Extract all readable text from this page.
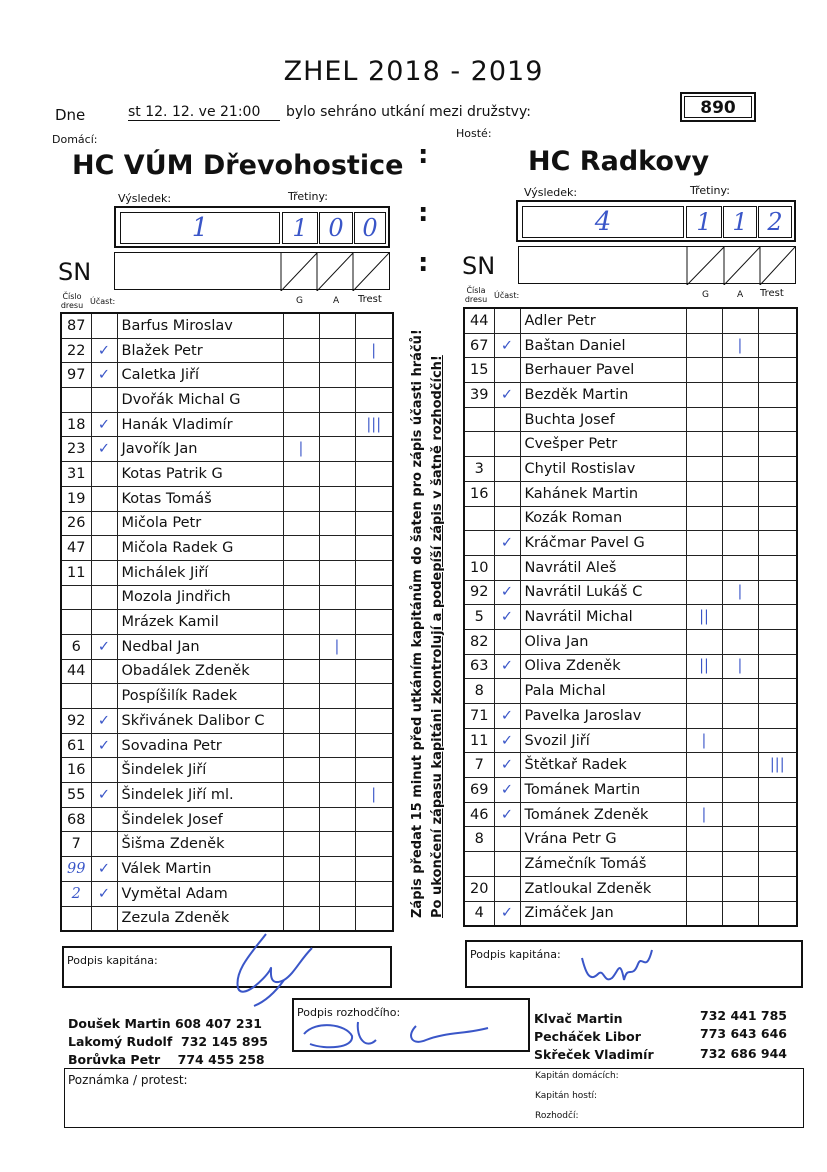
ZHEL 2018 - 2019
Dne	st 12. 12. ve 21:00	bylo sehráno utkání mezi družstvy:	890
Domácí:	Hosté:
HC VÚM Dřevohostice	HC Radkovy
:
:
:
Výsledek:	Třetiny:
1	1 0 0
SN
Výsledek:	Třetiny:
4	1 1 2
SN
Číslo dresu Účast:	G	A Trest
Čísla dresu Účast:	G	A Trest
87		Barfus Miroslav			
22	✓	Blažek Petr			|
97	✓	Caletka Jiří			
		Dvořák Michal G			
18	✓	Hanák Vladimír			|||
23	✓	Javořík Jan	|		
31		Kotas Patrik G			
19		Kotas Tomáš			
26		Mičola Petr			
47		Mičola Radek G			
11		Michálek Jiří			
		Mozola Jindřich			
		Mrázek Kamil			
6	✓	Nedbal Jan		|	
44		Obadálek Zdeněk			
		Pospíšilík Radek			
92	✓	Skřivánek Dalibor C			
61	✓	Sovadina Petr			
16		Šindelek Jiří			
55	✓	Šindelek Jiří ml.			|
68		Šindelek Josef			
7		Šišma Zdeněk			
99	✓	Válek Martin			
2	✓	Vymětal Adam			
		Zezula Zdeněk			
44		Adler Petr			
67	✓	Baštan Daniel		|	
15		Berhauer Pavel			
39	✓	Bezděk Martin			
		Buchta Josef			
		Cvešper Petr			
3		Chytil Rostislav			
16		Kahánek Martin			
		Kozák Roman			
	✓	Kráčmar Pavel G			
10		Navrátil Aleš			
92	✓	Navrátil Lukáš C		|	
5	✓	Navrátil Michal	||		
82		Oliva Jan			
63	✓	Oliva Zdeněk	||	|	
8		Pala Michal			
71	✓	Pavelka Jaroslav			
11	✓	Svozil Jiří	|		
7	✓	Štětkař Radek			|||
69	✓	Tománek Martin			
46	✓	Tománek Zdeněk	|		
8		Vrána Petr G			
		Zámečník Tomáš			
20		Zatloukal Zdeněk			
4	✓	Zimáček Jan			
Zápis předat 15 minut před utkáním kapitánům do šaten pro zápis účasti hráčů! Po ukončení zápasu kapitáni zkontrolují a podepíší zápis v šatně rozhodčích!
Podpis kapitána:	Podpis kapitána:
Podpis rozhodčího:
Doušek Martin 608 407 231
Lakomý Rudolf 732 145 895
Borůvka Petr 774 455 258
Klvač Martin	732 441 785
Pecháček Libor	773 643 646
Skřeček Vladimír	732 686 944
Poznámka / protest:	Kapitán domácích:
Kapitán hostí:
Rozhodčí:
